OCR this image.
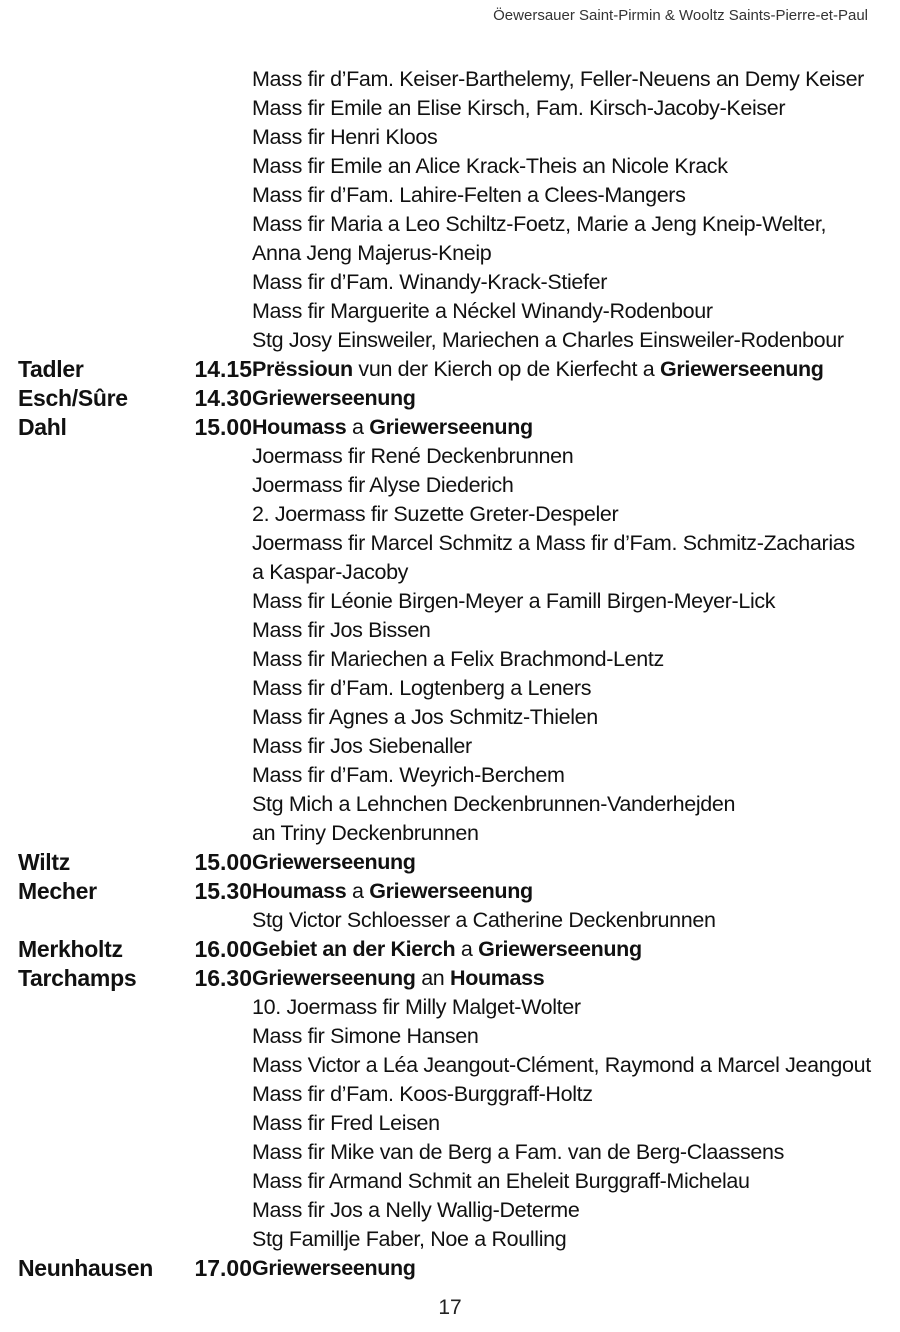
Öewersauer Saint-Pirmin & Wooltz Saints-Pierre-et-Paul
Mass fir d’Fam. Keiser-Barthelemy, Feller-Neuens an Demy Keiser
Mass fir Emile an Elise Kirsch, Fam. Kirsch-Jacoby-Keiser
Mass fir Henri Kloos
Mass fir Emile an Alice Krack-Theis an Nicole Krack
Mass fir d’Fam. Lahire-Felten a Clees-Mangers
Mass fir Maria a Leo Schiltz-Foetz, Marie a Jeng Kneip-Welter,
Anna Jeng Majerus-Kneip
Mass fir d’Fam. Winandy-Krack-Stiefer
Mass fir Marguerite a Néckel Winandy-Rodenbour
Stg Josy Einsweiler, Mariechen a Charles Einsweiler-Rodenbour
Tadler	14.15 Prëssioun vun der Kierch op de Kierfecht a Griewerseenung
Esch/Sûre	14.30 Griewerseenung
Dahl	15.00 Houmass a Griewerseenung
Joermass fir René Deckenbrunnen
Joermass fir Alyse Diederich
2. Joermass fir Suzette Greter-Despeler
Joermass fir Marcel Schmitz a Mass fir d’Fam. Schmitz-Zacharias
a Kaspar-Jacoby
Mass fir Léonie Birgen-Meyer a Famill Birgen-Meyer-Lick
Mass fir Jos Bissen
Mass fir Mariechen a Felix Brachmond-Lentz
Mass fir d’Fam. Logtenberg a Leners
Mass fir Agnes a Jos Schmitz-Thielen
Mass fir Jos Siebenaller
Mass fir d’Fam. Weyrich-Berchem
Stg Mich a Lehnchen Deckenbrunnen-Vanderhejden
an Triny Deckenbrunnen
Wiltz	15.00 Griewerseenung
Mecher	15.30 Houmass a Griewerseenung
Stg Victor Schloesser a Catherine Deckenbrunnen
Merkholtz	16.00 Gebiet an der Kierch a Griewerseenung
Tarchamps	16.30 Griewerseenung an Houmass
10. Joermass fir Milly Malget-Wolter
Mass fir Simone Hansen
Mass Victor a Léa Jeangout-Clément, Raymond a Marcel Jeangout
Mass fir d’Fam. Koos-Burggraff-Holtz
Mass fir Fred Leisen
Mass fir Mike van de Berg a Fam. van de Berg-Claassens
Mass fir Armand Schmit an Eheleit Burggraff-Michelau
Mass fir Jos a Nelly Wallig-Determe
Stg Famillje Faber, Noe a Roulling
Neunhausen	17.00 Griewerseenung
17
